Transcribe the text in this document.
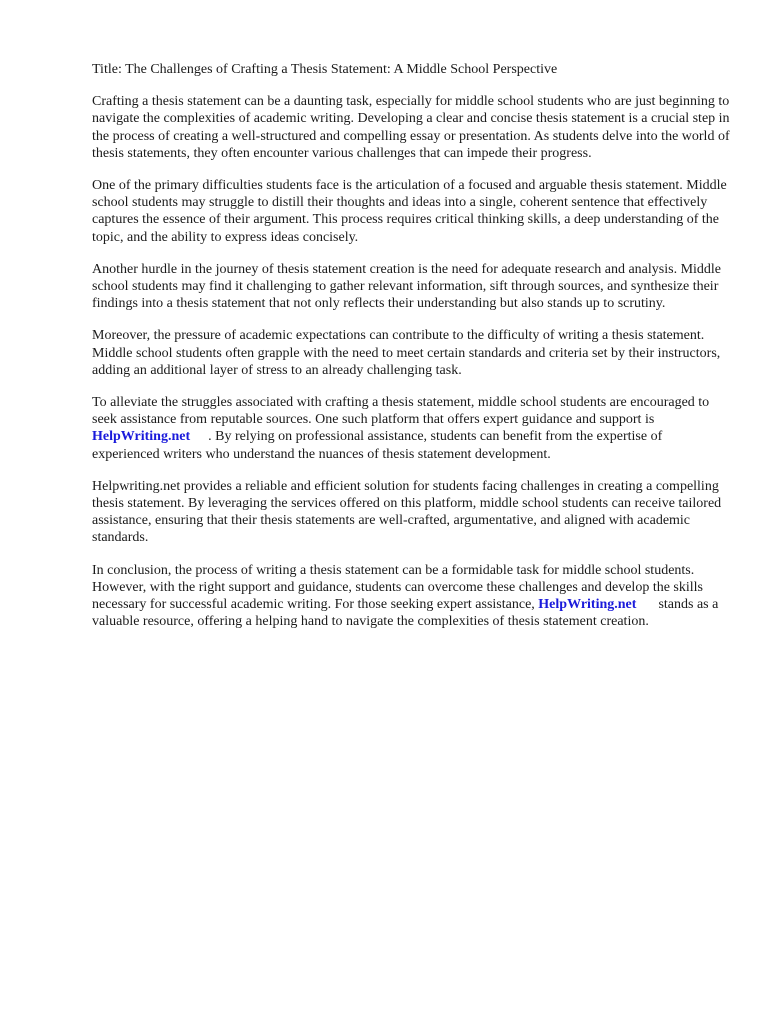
Title: The Challenges of Crafting a Thesis Statement: A Middle School Perspective

Crafting a thesis statement can be a daunting task, especially for middle school students who are just beginning to navigate the complexities of academic writing. Developing a clear and concise thesis statement is a crucial step in the process of creating a well-structured and compelling essay or presentation. As students delve into the world of thesis statements, they often encounter various challenges that can impede their progress.

One of the primary difficulties students face is the articulation of a focused and arguable thesis statement. Middle school students may struggle to distill their thoughts and ideas into a single, coherent sentence that effectively captures the essence of their argument. This process requires critical thinking skills, a deep understanding of the topic, and the ability to express ideas concisely.

Another hurdle in the journey of thesis statement creation is the need for adequate research and analysis. Middle school students may find it challenging to gather relevant information, sift through sources, and synthesize their findings into a thesis statement that not only reflects their understanding but also stands up to scrutiny.

Moreover, the pressure of academic expectations can contribute to the difficulty of writing a thesis statement. Middle school students often grapple with the need to meet certain standards and criteria set by their instructors, adding an additional layer of stress to an already challenging task.

To alleviate the struggles associated with crafting a thesis statement, middle school students are encouraged to seek assistance from reputable sources. One such platform that offers expert guidance and support isHelpWriting.net . By relying on professional assistance, students can benefit from the expertise of experienced writers who understand the nuances of thesis statement development.

Helpwriting.net provides a reliable and efficient solution for students facing challenges in creating a compelling thesis statement. By leveraging the services offered on this platform, middle school students can receive tailored assistance, ensuring that their thesis statements are well-crafted, argumentative, and aligned with academic standards.

In conclusion, the process of writing a thesis statement can be a formidable task for middle school students. However, with the right support and guidance, students can overcome these challenges and develop the skills necessary for successful academic writing. For those seeking expert assistance, HelpWriting.net stands as a valuable resource, offering a helping hand to navigate the complexities of thesis statement creation.
